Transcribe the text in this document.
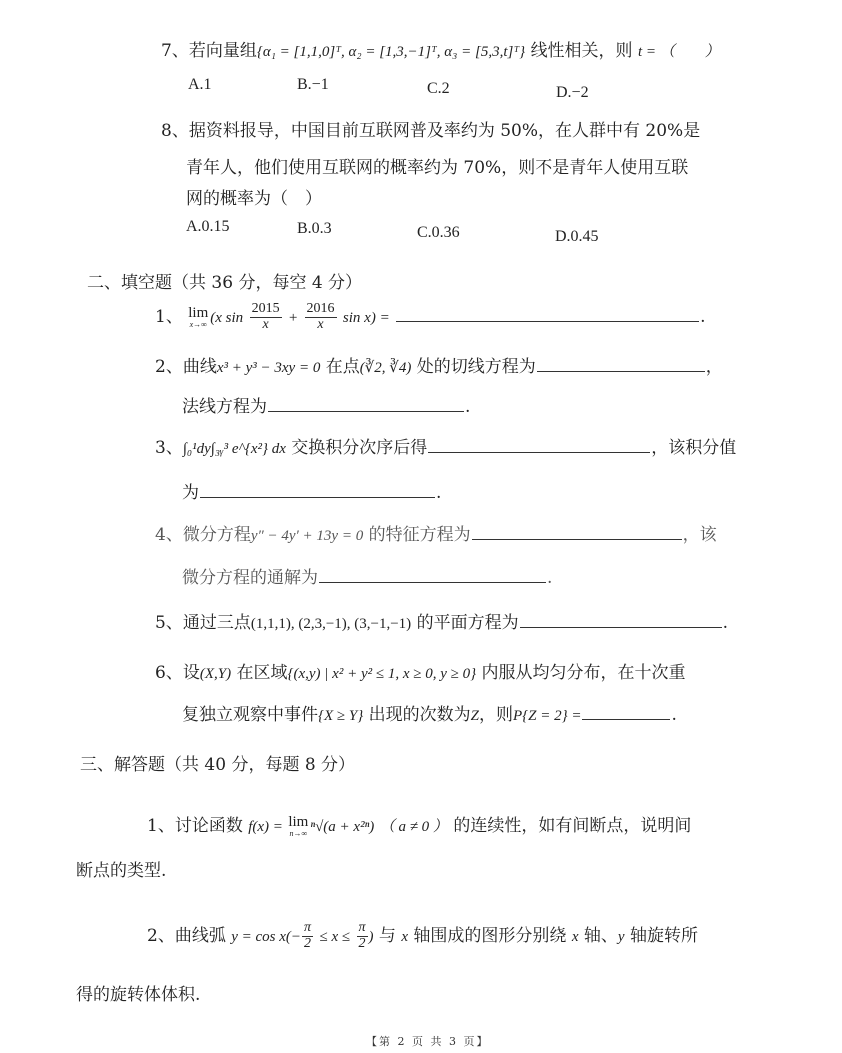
7、若向量组{α₁ = [1,1,0]ᵀ, α₂ = [1,3,−1]ᵀ, α₃ = [5,3,t]ᵀ} 线性相关，则 t = （　　）
A.1	B.−1	C.2	D.−2
8、据资料报导，中国目前互联网普及率约为 50%，在人群中有 20%是
青年人，他们使用互联网的概率约为 70%，则不是青年人使用互联
网的概率为（　）
A.0.15	B.0.3	C.0.36	D.0.45
二、填空题（共 36 分，每空 4 分）
1、 lim
x→∞ (x $\sin \frac{2015}{x} + \frac{2016}{x}$ sin x) =	.
2、曲线x³ + y³ − 3xy = 0 在点(∛2, ∛4) 处的切线方程为	，
法线方程为	.
3、∫₀¹dy∫₃ᵧ³ e^{x²} dx 交换积分次序后得	，该积分值
为	.
4、微分方程y″ − 4y′ + 13y = 0 的特征方程为	，该
微分方程的通解为	.
5、通过三点(1,1,1), (2,3,−1), (3,−1,−1) 的平面方程为	.
6、设(X,Y) 在区域{(x,y) | x² + y² ≤ 1, x ≥ 0, y ≥ 0} 内服从均匀分布，在十次重
复独立观察中事件{X ≥ Y} 出现的次数为Z，则P{Z = 2} =	.
三、解答题（共 40 分，每题 8 分）
1、讨论函数 f(x) = lim
n→∞ ⁿ√(a + x²ⁿ) （ a ≠ 0 ） 的连续性，如有间断点，说明间
断点的类型.
2、曲线弧 $y = \cos x(- \frac{\pi}{2} \le x \le \frac{\pi}{2}$ ) 与 x 轴围成的图形分别绕 x 轴、y 轴旋转所
得的旋转体体积.
【第 2 页 共 3 页】
